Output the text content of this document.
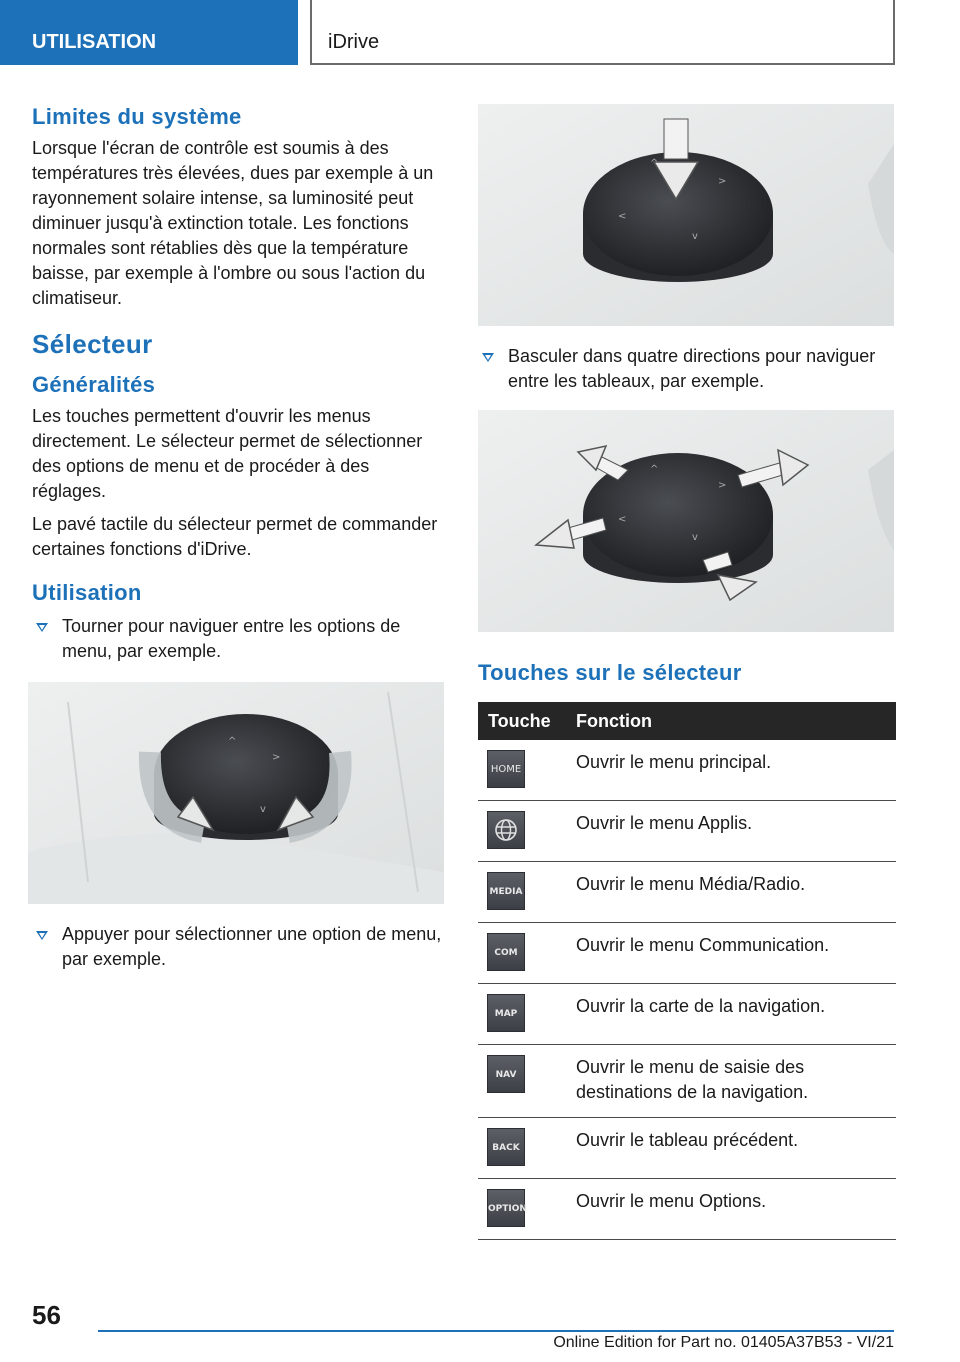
UTILISATION	iDrive
Limites du système

Lorsque l'écran de contrôle est soumis à des températures très élevées, dues par exemple à un rayonnement solaire intense, sa luminosité peut diminuer jusqu'à extinction totale. Les fonctions normales sont rétablies dès que la température baisse, par exemple à l'ombre ou sous l'action du climatiseur.

Sélecteur
Généralités

Les touches permettent d'ouvrir les menus directement. Le sélecteur permet de sélectionner des options de menu et de procéder à des réglages.

Le pavé tactile du sélecteur permet de commander certaines fonctions d'iDrive.

Utilisation
Tourner pour naviguer entre les options de menu, par exemple.
^
>
v
Appuyer pour sélectionner une option de menu, par exemple.
^
>
<
v
Basculer dans quatre directions pour naviguer entre les tableaux, par exemple.
^
>
<
v
Touches sur le sélecteur
Touche	Fonction

HOME	Ouvrir le menu principal.

	Ouvrir le menu Applis.

MEDIA	Ouvrir le menu Média/Radio.

COM	Ouvrir le menu Communication.

MAP	Ouvrir la carte de la navigation.

NAV	Ouvrir le menu de saisie des destinations de la navigation.

BACK	Ouvrir le tableau précédent.

OPTION	Ouvrir le menu Options.
56
Online Edition for Part no. 01405A37B53 - VI/21
